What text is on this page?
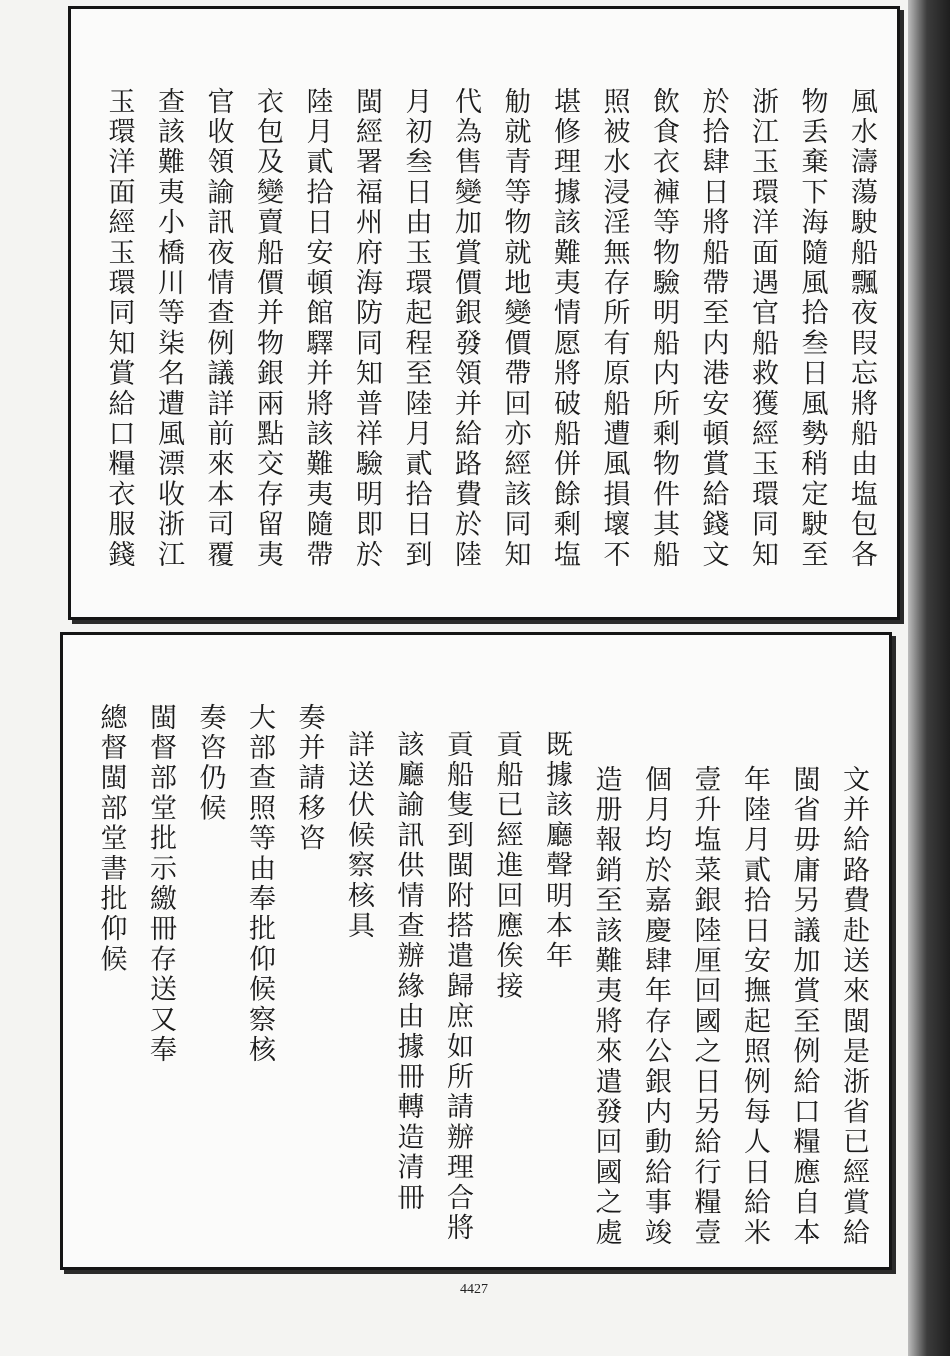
風水濤蕩駛船飄夜叚忘將船由塩包各
物丢棄下海隨風拾叁日風勢稍定駛至
浙江玉環洋面遇官船救獲經玉環同知
於拾肆日將船帶至内港安頓賞給錢文
飲食衣褲等物驗明船内所剩物件其船
照被水浸淫無存所有原船遭風損壞不
堪修理據該難夷情愿將破船併餘剩塩
觔就青等物就地變價帶回亦經該同知
代為售變加賞價銀發領并給路費於陸
月初叁日由玉環起程至陸月貳拾日到
閩經署福州府海防同知普祥驗明即於
陸月貳拾日安頓館驛并將該難夷隨帶
衣包及變賣船價并物銀兩點交存留夷
官收領諭訊夜情查例議詳前來本司覆
查該難夷小橋川等柒名遭風漂收浙江
玉環洋面經玉環同知賞給口糧衣服錢
文并給路費赴送來閩是浙省已經賞給
閩省毋庸另議加賞至例給口糧應自本
年陸月貳拾日安撫起照例每人日給米
壹升塩菜銀陸厘回國之日另給行糧壹
個月均於嘉慶肆年存公銀内動給事竣
造册報銷至該難夷將來遣發回國之處
既據該廳聲明本年
貢船已經進回應俟接
貢船隻到閩附搭遣歸庶如所請辦理合將
該廳諭訊供情查辦緣由據冊轉造清冊
詳送伏候察核具
奏并請移咨
大部查照等由奉批仰候察核
奏咨仍候
閩督部堂批示繳冊存送又奉
總督閩部堂書批仰候
4427
